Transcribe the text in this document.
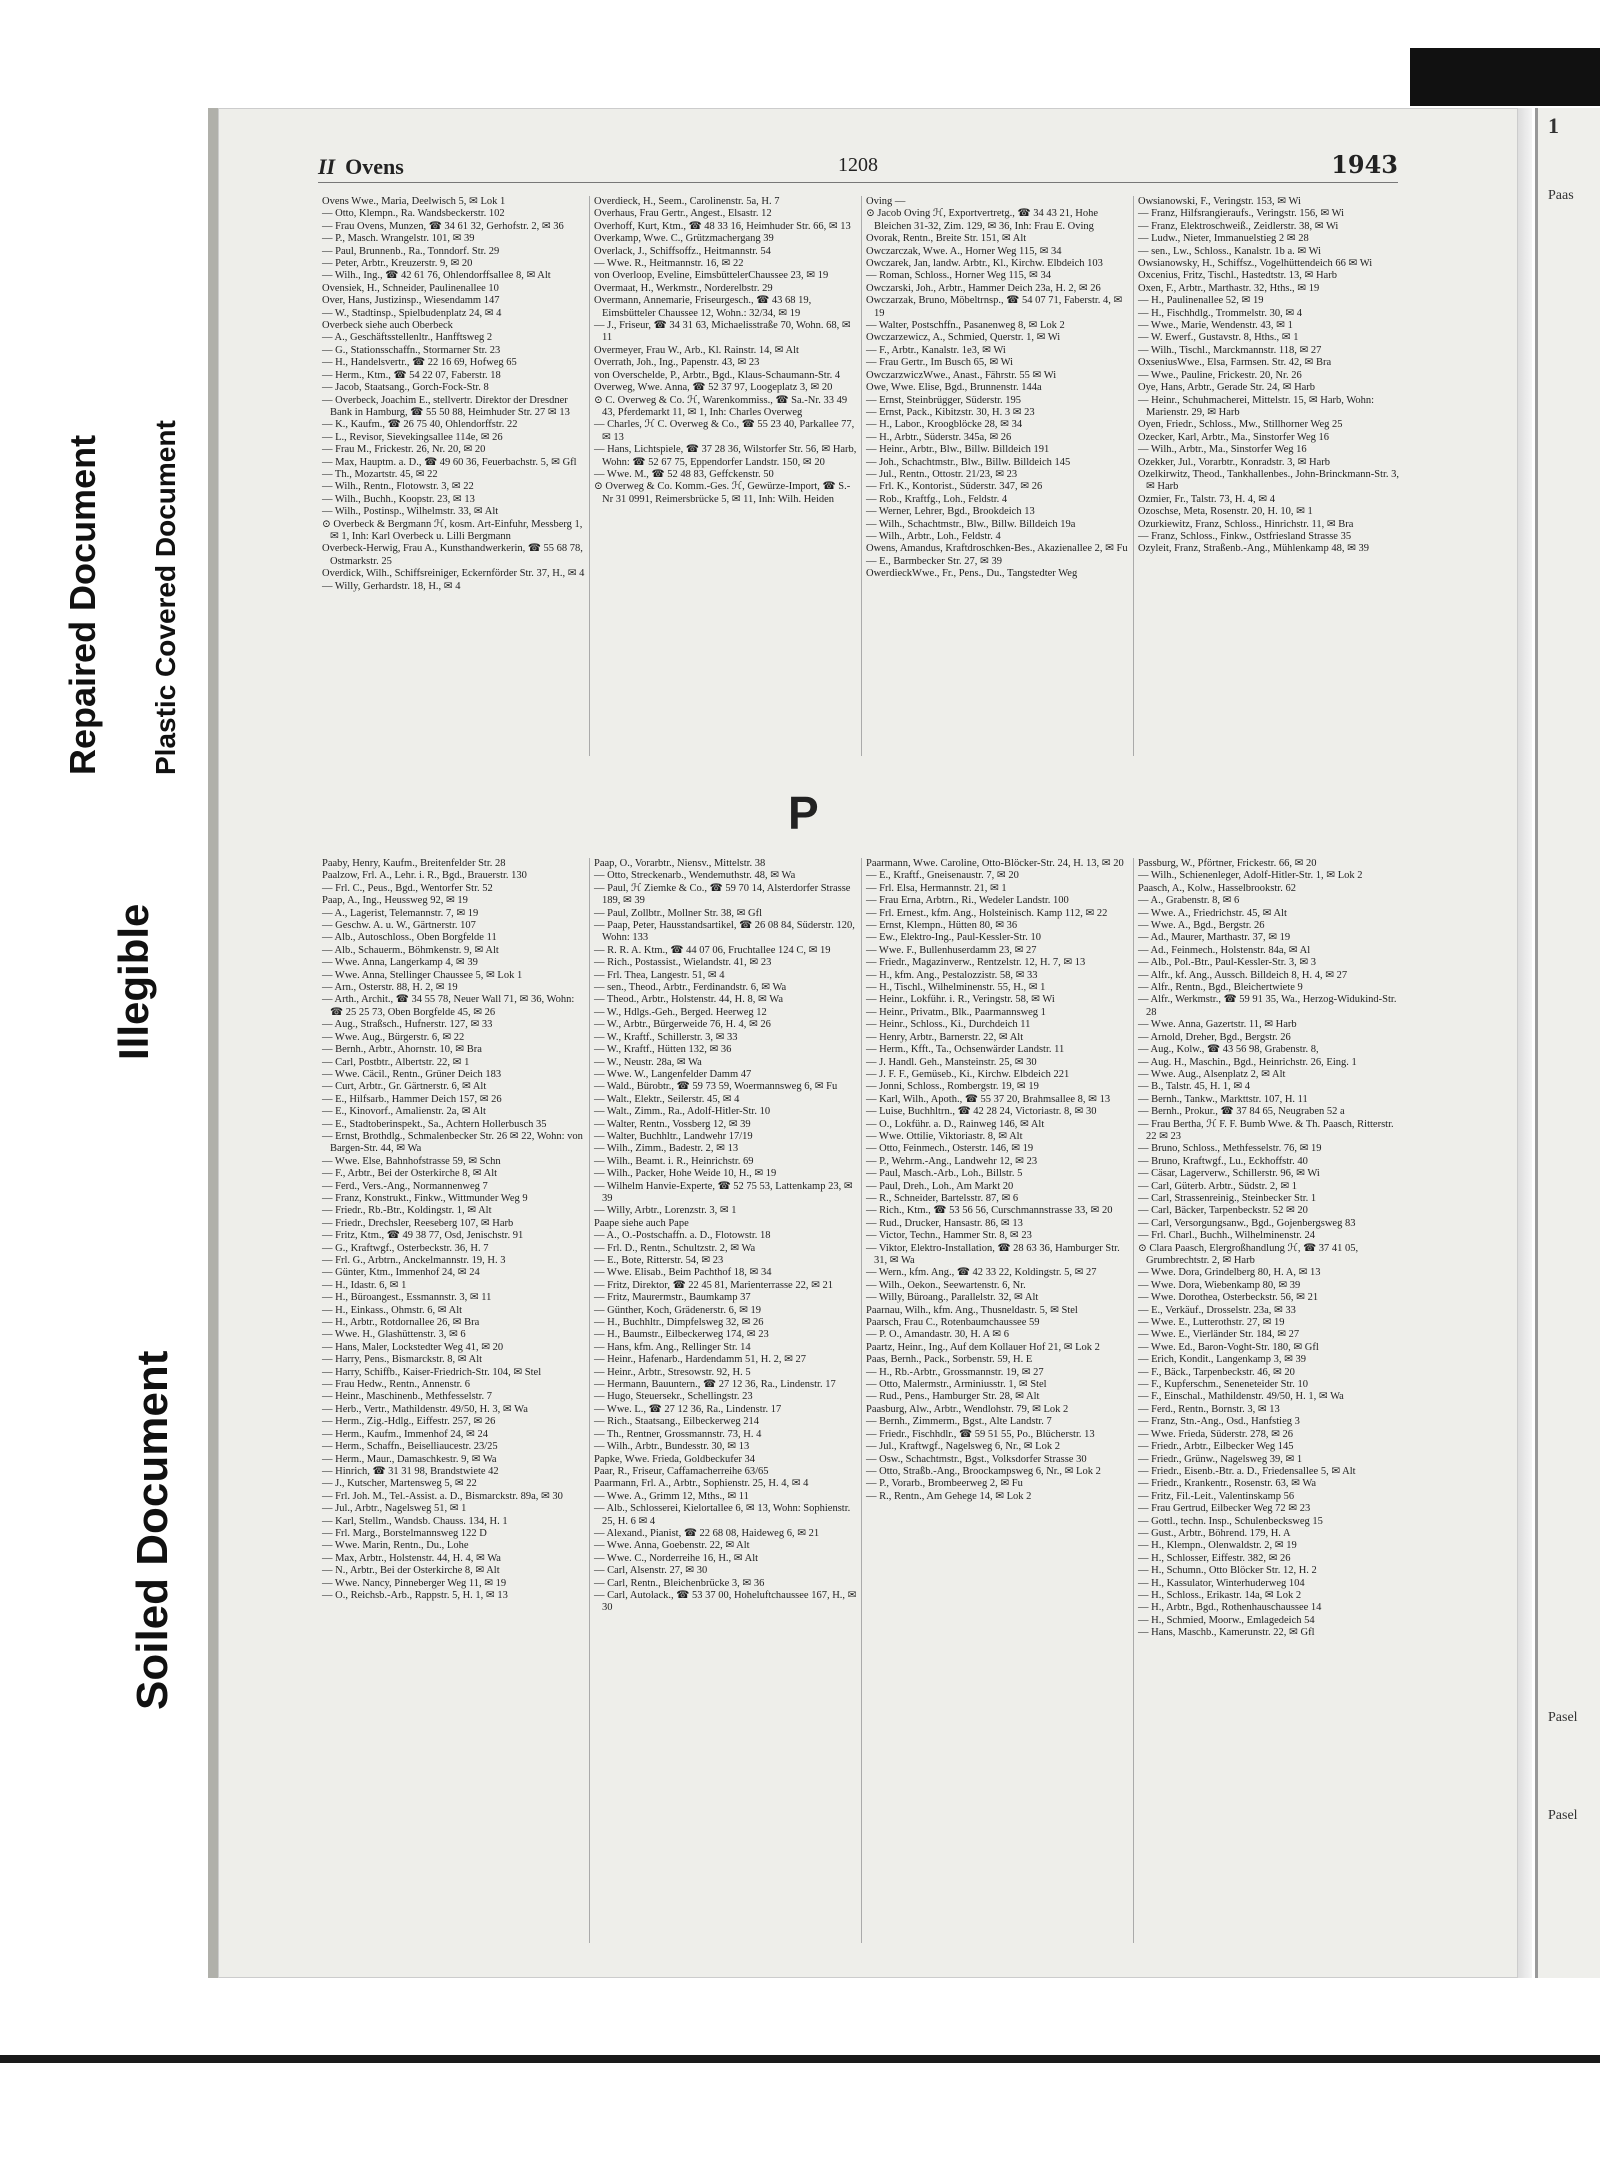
Repaired Document Plastic Covered Document
Illegible
Soiled Document
II Ovens	1208	1943
Ovens Wwe., Maria, Deelwisch 5, ✉ Lok 1
— Otto, Klempn., Ra. Wandsbeckerstr. 102
— Frau Ovens, Munzen, ☎ 34 61 32, Gerhofstr. 2, ✉ 36
— P., Masch. Wrangelstr. 101, ✉ 39
— Paul, Brunnenb., Ra., Tonndorf. Str. 29
— Peter, Arbtr., Kreuzerstr. 9, ✉ 20
— Wilh., Ing., ☎ 42 61 76, Ohlendorffsallee 8, ✉ Alt
Ovensiek, H., Schneider, Paulinenallee 10
Over, Hans, Justizinsp., Wiesendamm 147
— W., Stadtinsp., Spielbudenplatz 24, ✉ 4
Overbeck siehe auch Oberbeck
— A., Geschäftsstellenltr., Hanfftsweg 2
— G., Stationsschaffn., Stormarner Str. 23
— H., Handelsvertr., ☎ 22 16 69, Hofweg 65
— Herm., Ktm., ☎ 54 22 07, Faberstr. 18
— Jacob, Staatsang., Gorch-Fock-Str. 8
— Overbeck, Joachim E., stellvertr. Direktor der Dresdner Bank in Hamburg, ☎ 55 50 88, Heimhuder Str. 27 ✉ 13
— K., Kaufm., ☎ 26 75 40, Ohlendorffstr. 22
— L., Revisor, Sievekingsallee 114e, ✉ 26
— Frau M., Frickestr. 26, Nr. 20, ✉ 20
— Max, Hauptm. a. D., ☎ 49 60 36, Feuerbachstr. 5, ✉ Gfl
— Th., Mozartstr. 45, ✉ 22
— Wilh., Rentn., Flotowstr. 3, ✉ 22
— Wilh., Buchh., Koopstr. 23, ✉ 13
— Wilh., Postinsp., Wilhelmstr. 33, ✉ Alt
⊙ Overbeck & Bergmann ℋ, kosm. Art-Einfuhr, Messberg 1, ✉ 1, Inh: Karl Overbeck u. Lilli Bergmann
Overbeck-Herwig, Frau A., Kunsthandwerkerin, ☎ 55 68 78, Ostmarkstr. 25
Overdick, Wilh., Schiffsreiniger, Eckernförder Str. 37, H., ✉ 4
— Willy, Gerhardstr. 18, H., ✉ 4
Overdieck, H., Seem., Carolinenstr. 5a, H. 7
Overhaus, Frau Gertr., Angest., Elsastr. 12
Overhoff, Kurt, Ktm., ☎ 48 33 16, Heimhuder Str. 66, ✉ 13
Overkamp, Wwe. C., Grützmachergang 39
Overlack, J., Schiffsoffz., Heitmannstr. 54
— Wwe. R., Heitmannstr. 16, ✉ 22
von Overloop, Eveline, EimsbüttelerChaussee 23, ✉ 19
Overmaat, H., Werkmstr., Norderelbstr. 29
Overmann, Annemarie, Friseurgesch., ☎ 43 68 19, Eimsbütteler Chaussee 12, Wohn.: 32/34, ✉ 19
— J., Friseur, ☎ 34 31 63, Michaelisstraße 70, Wohn. 68, ✉ 11
Overmeyer, Frau W., Arb., Kl. Rainstr. 14, ✉ Alt
Overrath, Joh., Ing., Papenstr. 43, ✉ 23
von Overschelde, P., Arbtr., Bgd., Klaus-Schaumann-Str. 4
Overweg, Wwe. Anna, ☎ 52 37 97, Loogeplatz 3, ✉ 20
⊙ C. Overweg & Co. ℋ, Warenkommiss., ☎ Sa.-Nr. 33 49 43, Pferdemarkt 11, ✉ 1, Inh: Charles Overweg
— Charles, ℋ C. Overweg & Co., ☎ 55 23 40, Parkallee 77, ✉ 13
— Hans, Lichtspiele, ☎ 37 28 36, Wilstorfer Str. 56, ✉ Harb, Wohn: ☎ 52 67 75, Eppendorfer Landstr. 150, ✉ 20
— Wwe. M., ☎ 52 48 83, Geffckenstr. 50
⊙ Overweg & Co. Komm.-Ges. ℋ, Gewürze-Import, ☎ S.-Nr 31 0991, Reimersbrücke 5, ✉ 11, Inh: Wilh. Heiden
Oving —
⊙ Jacob Oving ℋ, Exportvertretg., ☎ 34 43 21, Hohe Bleichen 31-32, Zim. 129, ✉ 36, Inh: Frau E. Oving
Ovorak, Rentn., Breite Str. 151, ✉ Alt
Owczarczak, Wwe. A., Horner Weg 115, ✉ 34
Owczarek, Jan, landw. Arbtr., Kl., Kirchw. Elbdeich 103
— Roman, Schloss., Horner Weg 115, ✉ 34
Owczarski, Joh., Arbtr., Hammer Deich 23a, H. 2, ✉ 26
Owczarzak, Bruno, Möbeltrnsp., ☎ 54 07 71, Faberstr. 4, ✉ 19
— Walter, Postschffn., Pasanenweg 8, ✉ Lok 2
Owczarzewicz, A., Schmied, Querstr. 1, ✉ Wi
— F., Arbtr., Kanalstr. 1e3, ✉ Wi
— Frau Gertr., Im Busch 65, ✉ Wi
OwczarzwiczWwe., Anast., Fährstr. 55 ✉ Wi
Owe, Wwe. Elise, Bgd., Brunnenstr. 144a
— Ernst, Steinbrügger, Süderstr. 195
— Ernst, Pack., Kibitzstr. 30, H. 3 ✉ 23
— H., Labor., Kroogblöcke 28, ✉ 34
— H., Arbtr., Süderstr. 345a, ✉ 26
— Heinr., Arbtr., Blw., Billw. Billdeich 191
— Joh., Schachtmstr., Blw., Billw. Billdeich 145
— Jul., Rentn., Ottostr. 21/23, ✉ 23
— Frl. K., Kontorist., Süderstr. 347, ✉ 26
— Rob., Kraftfg., Loh., Feldstr. 4
— Werner, Lehrer, Bgd., Brookdeich 13
— Wilh., Schachtmstr., Blw., Billw. Billdeich 19a
— Wilh., Arbtr., Loh., Feldstr. 4
Owens, Amandus, Kraftdroschken-Bes., Akazienallee 2, ✉ Fu
— E., Barmbecker Str. 27, ✉ 39
OwerdieckWwe., Fr., Pens., Du., Tangstedter Weg
Owsianowski, F., Veringstr. 153, ✉ Wi
— Franz, Hilfsrangieraufs., Veringstr. 156, ✉ Wi
— Franz, Elektroschweiß., Zeidlerstr. 38, ✉ Wi
— Ludw., Nieter, Immanuelstieg 2 ✉ 28
— sen., Lw., Schloss., Kanalstr. 1b a. ✉ Wi
Owsianowsky, H., Schiffsz., Vogelhüttendeich 66 ✉ Wi
Oxcenius, Fritz, Tischl., Hastedtstr. 13, ✉ Harb
Oxen, F., Arbtr., Marthastr. 32, Hths., ✉ 19
— H., Paulinenallee 52, ✉ 19
— H., Fischhdlg., Trommelstr. 30, ✉ 4
— Wwe., Marie, Wendenstr. 43, ✉ 1
— W. Ewerf., Gustavstr. 8, Hths., ✉ 1
— Wilh., Tischl., Marckmannstr. 118, ✉ 27
OxseniusWwe., Elsa, Farmsen. Str. 42, ✉ Bra
— Wwe., Pauline, Frickestr. 20, Nr. 26
Oye, Hans, Arbtr., Gerade Str. 24, ✉ Harb
— Heinr., Schuhmacherei, Mittelstr. 15, ✉ Harb, Wohn: Marienstr. 29, ✉ Harb
Oyen, Friedr., Schloss., Mw., Stillhorner Weg 25
Ozecker, Karl, Arbtr., Ma., Sinstorfer Weg 16
— Wilh., Arbtr., Ma., Sinstorfer Weg 16
Ozekker, Jul., Vorarbtr., Konradstr. 3, ✉ Harb
Ozelkirwitz, Theod., Tankhallenbes., John-Brinckmann-Str. 3, ✉ Harb
Ozmier, Fr., Talstr. 73, H. 4, ✉ 4
Ozoschse, Meta, Rosenstr. 20, H. 10, ✉ 1
Ozurkiewitz, Franz, Schloss., Hinrichstr. 11, ✉ Bra
— Franz, Schloss., Finkw., Ostfriesland Strasse 35
Ozyleit, Franz, Straßenb.-Ang., Mühlenkamp 48, ✉ 39
P
Paaby, Henry, Kaufm., Breitenfelder Str. 28
Paalzow, Frl. A., Lehr. i. R., Bgd., Brauerstr. 130
— Frl. C., Peus., Bgd., Wentorfer Str. 52
Paap, A., Ing., Heussweg 92, ✉ 19
— A., Lagerist, Telemannstr. 7, ✉ 19
— Geschw. A. u. W., Gärtnerstr. 107
— Alb., Autoschloss., Oben Borgfelde 11
— Alb., Schauerm., Böhmkenstr. 9, ✉ Alt
— Wwe. Anna, Langerkamp 4, ✉ 39
— Wwe. Anna, Stellinger Chaussee 5, ✉ Lok 1
— Arn., Osterstr. 88, H. 2, ✉ 19
— Arth., Archit., ☎ 34 55 78, Neuer Wall 71, ✉ 36, Wohn: ☎ 25 25 73, Oben Borgfelde 45, ✉ 26
— Aug., Straßsch., Hufnerstr. 127, ✉ 33
— Wwe. Aug., Bürgerstr. 6, ✉ 22
— Bernh., Arbtr., Ahornstr. 10, ✉ Bra
— Carl, Postbtr., Albertstr. 22, ✉ 1
— Wwe. Cäcil., Rentn., Grüner Deich 183
— Curt, Arbtr., Gr. Gärtnerstr. 6, ✉ Alt
— E., Hilfsarb., Hammer Deich 157, ✉ 26
— E., Kinovorf., Amalienstr. 2a, ✉ Alt
— E., Stadtoberinspekt., Sa., Achtern Hollerbusch 35
— Ernst, Brothdlg., Schmalenbecker Str. 26 ✉ 22, Wohn: von Bargen-Str. 44, ✉ Wa
— Wwe. Else, Bahnhofstrasse 59, ✉ Schn
— F., Arbtr., Bei der Osterkirche 8, ✉ Alt
— Ferd., Vers.-Ang., Normannenweg 7
— Franz, Konstrukt., Finkw., Wittmunder Weg 9
— Friedr., Rb.-Btr., Koldingstr. 1, ✉ Alt
— Friedr., Drechsler, Reeseberg 107, ✉ Harb
— Fritz, Ktm., ☎ 49 38 77, Osd, Jenischstr. 91
— G., Kraftwgf., Osterbeckstr. 36, H. 7
— Frl. G., Arbtrn., Anckelmannstr. 19, H. 3
— Günter, Ktm., Immenhof 24, ✉ 24
— H., Idastr. 6, ✉ 1
— H., Büroangest., Essmannstr. 3, ✉ 11
— H., Einkass., Ohmstr. 6, ✉ Alt
— H., Arbtr., Rotdornallee 26, ✉ Bra
— Wwe. H., Glashüttenstr. 3, ✉ 6
— Hans, Maler, Lockstedter Weg 41, ✉ 20
— Harry, Pens., Bismarckstr. 8, ✉ Alt
— Harry, Schiffb., Kaiser-Friedrich-Str. 104, ✉ Stel
— Frau Hedw., Rentn., Annenstr. 6
— Heinr., Maschinenb., Methfesselstr. 7
— Herb., Vertr., Mathildenstr. 49/50, H. 3, ✉ Wa
— Herm., Zig.-Hdlg., Eiffestr. 257, ✉ 26
— Herm., Kaufm., Immenhof 24, ✉ 24
— Herm., Schaffn., Beiselliaucestr. 23/25
— Herm., Maur., Damaschkestr. 9, ✉ Wa
— Hinrich, ☎ 31 31 98, Brandstwiete 42
— J., Kutscher, Martensweg 5, ✉ 22
— Frl. Joh. M., Tel.-Assist. a. D., Bismarckstr. 89a, ✉ 30
— Jul., Arbtr., Nagelsweg 51, ✉ 1
— Karl, Stellm., Wandsb. Chauss. 134, H. 1
— Frl. Marg., Borstelmannsweg 122 D
— Wwe. Marin, Rentn., Du., Lohe
— Max, Arbtr., Holstenstr. 44, H. 4, ✉ Wa
— N., Arbtr., Bei der Osterkirche 8, ✉ Alt
— Wwe. Nancy, Pinneberger Weg 11, ✉ 19
— O., Reichsb.-Arb., Rappstr. 5, H. 1, ✉ 13
Paap, O., Vorarbtr., Niensv., Mittelstr. 38
— Otto, Streckenarb., Wendemuthstr. 48, ✉ Wa
— Paul, ℋ Ziemke & Co., ☎ 59 70 14, Alsterdorfer Strasse 189, ✉ 39
— Paul, Zollbtr., Mollner Str. 38, ✉ Gfl
— Paap, Peter, Hausstandsartikel, ☎ 26 08 84, Süderstr. 120, Wohn: 133
— R. R. A. Ktm., ☎ 44 07 06, Fruchtallee 124 C, ✉ 19
— Rich., Postassist., Wielandstr. 41, ✉ 23
— Frl. Thea, Langestr. 51, ✉ 4
— sen., Theod., Arbtr., Ferdinandstr. 6, ✉ Wa
— Theod., Arbtr., Holstenstr. 44, H. 8, ✉ Wa
— W., Hdlgs.-Geh., Berged. Heerweg 12
— W., Arbtr., Bürgerweide 76, H. 4, ✉ 26
— W., Kraftf., Schillerstr. 3, ✉ 33
— W., Kraftf., Hütten 132, ✉ 36
— W., Neustr. 28a, ✉ Wa
— Wwe. W., Langenfelder Damm 47
— Wald., Bürobtr., ☎ 59 73 59, Woermannsweg 6, ✉ Fu
— Walt., Elektr., Seilerstr. 45, ✉ 4
— Walt., Zimm., Ra., Adolf-Hitler-Str. 10
— Walter, Rentn., Vossberg 12, ✉ 39
— Walter, Buchhltr., Landwehr 17/19
— Wilh., Zimm., Badestr. 2, ✉ 13
— Wilh., Beamt. i. R., Heinrichstr. 69
— Wilh., Packer, Hohe Weide 10, H., ✉ 19
— Wilhelm Hanvie-Experte, ☎ 52 75 53, Lattenkamp 23, ✉ 39
— Willy, Arbtr., Lorenzstr. 3, ✉ 1
Paape siehe auch Pape
— A., O.-Postschaffn. a. D., Flotowstr. 18
— Frl. D., Rentn., Schultzstr. 2, ✉ Wa
— E., Bote, Ritterstr. 54, ✉ 23
— Wwe. Elisab., Beim Pachthof 18, ✉ 34
— Fritz, Direktor, ☎ 22 45 81, Marienterrasse 22, ✉ 21
— Fritz, Maurermstr., Baumkamp 37
— Günther, Koch, Grädenerstr. 6, ✉ 19
— H., Buchhltr., Dimpfelsweg 32, ✉ 26
— H., Baumstr., Eilbeckerweg 174, ✉ 23
— Hans, kfm. Ang., Rellinger Str. 14
— Heinr., Hafenarb., Hardendamm 51, H. 2, ✉ 27
— Heinr., Arbtr., Stresowstr. 92, H. 5
— Hermann, Bauuntern., ☎ 27 12 36, Ra., Lindenstr. 17
— Hugo, Steuersekr., Schellingstr. 23
— Wwe. L., ☎ 27 12 36, Ra., Lindenstr. 17
— Rich., Staatsang., Eilbeckerweg 214
— Th., Rentner, Grossmannstr. 73, H. 4
— Wilh., Arbtr., Bundesstr. 30, ✉ 13
Papke, Wwe. Frieda, Goldbeckufer 34
Paar, R., Friseur, Caffamacherreihe 63/65
Paarmann, Frl. A., Arbtr., Sophienstr. 25, H. 4, ✉ 4
— Wwe. A., Grimm 12, Mths., ✉ 11
— Alb., Schlosserei, Kielortallee 6, ✉ 13, Wohn: Sophienstr. 25, H. 6 ✉ 4
— Alexand., Pianist, ☎ 22 68 08, Haideweg 6, ✉ 21
— Wwe. Anna, Goebenstr. 22, ✉ Alt
— Wwe. C., Norderreihe 16, H., ✉ Alt
— Carl, Alsenstr. 27, ✉ 30
— Carl, Rentn., Bleichenbrücke 3, ✉ 36
— Carl, Autolack., ☎ 53 37 00, Hoheluftchaussee 167, H., ✉ 30
Paarmann, Wwe. Caroline, Otto-Blöcker-Str. 24, H. 13, ✉ 20
— E., Kraftf., Gneisenaustr. 7, ✉ 20
— Frl. Elsa, Hermannstr. 21, ✉ 1
— Frau Erna, Arbtrn., Ri., Wedeler Landstr. 100
— Frl. Ernest., kfm. Ang., Holsteinisch. Kamp 112, ✉ 22
— Ernst, Klempn., Hütten 80, ✉ 36
— Ew., Elektro-Ing., Paul-Kessler-Str. 10
— Wwe. F., Bullenhuserdamm 23, ✉ 27
— Friedr., Magazinverw., Rentzelstr. 12, H. 7, ✉ 13
— H., kfm. Ang., Pestalozzistr. 58, ✉ 33
— H., Tischl., Wilhelminenstr. 55, H., ✉ 1
— Heinr., Lokführ. i. R., Veringstr. 58, ✉ Wi
— Heinr., Privatm., Blk., Paarmannsweg 1
— Heinr., Schloss., Ki., Durchdeich 11
— Henry, Arbtr., Barnerstr. 22, ✉ Alt
— Herm., Kfft., Ta., Ochsenwärder Landstr. 11
— J. Handl. Geh., Mansteinstr. 25, ✉ 30
— J. F. F., Gemüseb., Ki., Kirchw. Elbdeich 221
— Jonni, Schloss., Rombergstr. 19, ✉ 19
— Karl, Wilh., Apoth., ☎ 55 37 20, Brahmsallee 8, ✉ 13
— Luise, Buchhltrn., ☎ 42 28 24, Victoriastr. 8, ✉ 30
— O., Lokführ. a. D., Rainweg 146, ✉ Alt
— Wwe. Ottilie, Viktoriastr. 8, ✉ Alt
— Otto, Feinmech., Osterstr. 146, ✉ 19
— P., Wehrm.-Ang., Landwehr 12, ✉ 23
— Paul, Masch.-Arb., Loh., Billstr. 5
— Paul, Dreh., Loh., Am Markt 20
— R., Schneider, Bartelsstr. 87, ✉ 6
— Rich., Ktm., ☎ 53 56 56, Curschmannstrasse 33, ✉ 20
— Rud., Drucker, Hansastr. 86, ✉ 13
— Victor, Techn., Hammer Str. 8, ✉ 23
— Viktor, Elektro-Installation, ☎ 28 63 36, Hamburger Str. 31, ✉ Wa
— Wern., kfm. Ang., ☎ 42 33 22, Koldingstr. 5, ✉ 27
— Wilh., Oekon., Seewartenstr. 6, Nr.
— Willy, Büroang., Parallelstr. 32, ✉ Alt
Paarnau, Wilh., kfm. Ang., Thusneldastr. 5, ✉ Stel
Paarsch, Frau C., Rotenbaumchaussee 59
— P. O., Amandastr. 30, H. A ✉ 6
Paartz, Heinr., Ing., Auf dem Kollauer Hof 21, ✉ Lok 2
Paas, Bernh., Pack., Sorbenstr. 59, H. E
— H., Rb.-Arbtr., Grossmannstr. 19, ✉ 27
— Otto, Malermstr., Arminiusstr. 1, ✉ Stel
— Rud., Pens., Hamburger Str. 28, ✉ Alt
Paasburg, Alw., Arbtr., Wendlohstr. 79, ✉ Lok 2
— Bernh., Zimmerm., Bgst., Alte Landstr. 7
— Friedr., Fischhdlr., ☎ 59 51 55, Po., Blücherstr. 13
— Jul., Kraftwgf., Nagelsweg 6, Nr., ✉ Lok 2
— Osw., Schachtmstr., Bgst., Volksdorfer Strasse 30
— Otto, Straßb.-Ang., Broockampsweg 6, Nr., ✉ Lok 2
— P., Vorarb., Brombeerweg 2, ✉ Fu
— R., Rentn., Am Gehege 14, ✉ Lok 2
Passburg, W., Pförtner, Frickestr. 66, ✉ 20
— Wilh., Schienenleger, Adolf-Hitler-Str. 1, ✉ Lok 2
Paasch, A., Kolw., Hasselbrookstr. 62
— A., Grabenstr. 8, ✉ 6
— Wwe. A., Friedrichstr. 45, ✉ Alt
— Wwe. A., Bgd., Bergstr. 26
— Ad., Maurer, Marthastr. 37, ✉ 19
— Ad., Feinmech., Holstenstr. 84a, ✉ Al
— Alb., Pol.-Btr., Paul-Kessler-Str. 3, ✉ 3
— Alfr., kf. Ang., Aussch. Billdeich 8, H. 4, ✉ 27
— Alfr., Rentn., Bgd., Bleichertwiete 9
— Alfr., Werkmstr., ☎ 59 91 35, Wa., Herzog-Widukind-Str. 28
— Wwe. Anna, Gazertstr. 11, ✉ Harb
— Arnold, Dreher, Bgd., Bergstr. 26
— Aug., Kolw., ☎ 43 56 98, Grabenstr. 8,
— Aug. H., Maschin., Bgd., Heinrichstr. 26, Eing. 1
— Wwe. Aug., Alsenplatz 2, ✉ Alt
— B., Talstr. 45, H. 1, ✉ 4
— Bernh., Tankw., Markttstr. 107, H. 11
— Bernh., Prokur., ☎ 37 84 65, Neugraben 52 a
— Frau Bertha, ℋ F. F. Bumb Wwe. & Th. Paasch, Ritterstr. 22 ✉ 23
— Bruno, Schloss., Methfesselstr. 76, ✉ 19
— Bruno, Kraftwgf., Lu., Eckhoffstr. 40
— Cäsar, Lagerverw., Schillerstr. 96, ✉ Wi
— Carl, Güterb. Arbtr., Südstr. 2, ✉ 1
— Carl, Strassenreinig., Steinbecker Str. 1
— Carl, Bäcker, Tarpenbeckstr. 52 ✉ 20
— Carl, Versorgungsanw., Bgd., Gojenbergsweg 83
— Frl. Charl., Buchh., Wilhelminenstr. 24
⊙ Clara Paasch, Elergroßhandlung ℋ, ☎ 37 41 05, Grumbrechtstr. 2, ✉ Harb
— Wwe. Dora, Grindelberg 80, H. A, ✉ 13
— Wwe. Dora, Wiebenkamp 80, ✉ 39
— Wwe. Dorothea, Osterbeckstr. 56, ✉ 21
— E., Verkäuf., Drosselstr. 23a, ✉ 33
— Wwe. E., Lutterothstr. 27, ✉ 19
— Wwe. E., Vierländer Str. 184, ✉ 27
— Wwe. Ed., Baron-Voght-Str. 180, ✉ Gfl
— Erich, Kondit., Langenkamp 3, ✉ 39
— F., Bäck., Tarpenbeckstr. 46, ✉ 20
— F., Kupferschm., Seneneteider Str. 10
— F., Einschal., Mathildenstr. 49/50, H. 1, ✉ Wa
— Ferd., Rentn., Bornstr. 3, ✉ 13
— Franz, Stn.-Ang., Osd., Hanfstieg 3
— Wwe. Frieda, Süderstr. 278, ✉ 26
— Friedr., Arbtr., Eilbecker Weg 145
— Friedr., Grünw., Nagelsweg 39, ✉ 1
— Friedr., Eisenb.-Btr. a. D., Friedensallee 5, ✉ Alt
— Friedr., Krankentr., Rosenstr. 63, ✉ Wa
— Fritz, Fil.-Leit., Valentinskamp 56
— Frau Gertrud, Eilbecker Weg 72 ✉ 23
— Gottl., techn. Insp., Schulenbecksweg 15
— Gust., Arbtr., Böhrend. 179, H. A
— H., Klempn., Olenwaldstr. 2, ✉ 19
— H., Schlosser, Eiffestr. 382, ✉ 26
— H., Schumn., Otto Blöcker Str. 12, H. 2
— H., Kassulator, Winterhuderweg 104
— H., Schloss., Erikastr. 14a, ✉ Lok 2
— H., Arbtr., Bgd., Rothenhauschaussee 14
— H., Schmied, Moorw., Emlagedeich 54
— Hans, Maschb., Kamerunstr. 22, ✉ Gfl
1
Paas
Pasel
Pasel
